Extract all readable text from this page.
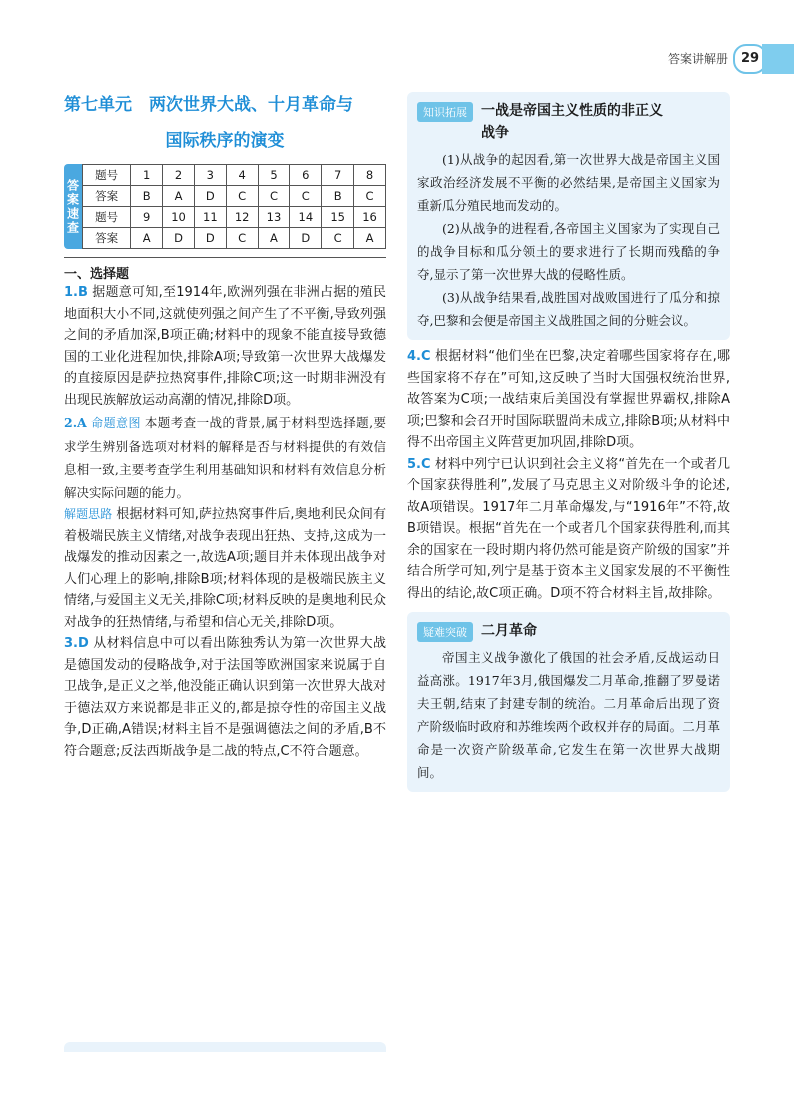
答案讲解册 29
第七单元　两次世界大战、十月革命与
国际秩序的演变
答案速查
题号	1	2	3	4	5	6	7	8
答案	B	A	D	C	C	C	B	C
题号	9	10	11	12	13	14	15	16
答案	A	D	D	C	A	D	C	A
一、选择题

1.B 据题意可知,至1914年,欧洲列强在非洲占据的殖民地面积大小不同,这就使列强之间产生了不平衡,导致列强之间的矛盾加深,B项正确;材料中的现象不能直接导致德国的工业化进程加快,排除A项;导致第一次世界大战爆发的直接原因是萨拉热窝事件,排除C项;这一时期非洲没有出现民族解放运动高潮的情况,排除D项。

2.A 命题意图 本题考查一战的背景,属于材料型选择题,要求学生辨别备选项对材料的解释是否与材料提供的有效信息相一致,主要考查学生利用基础知识和材料有效信息分析解决实际问题的能力。

解题思路 根据材料可知,萨拉热窝事件后,奥地利民众间有着极端民族主义情绪,对战争表现出狂热、支持,这成为一战爆发的推动因素之一,故选A项;题目并未体现出战争对人们心理上的影响,排除B项;材料体现的是极端民族主义情绪,与爱国主义无关,排除C项;材料反映的是奥地利民众对战争的狂热情绪,与希望和信心无关,排除D项。

3.D 从材料信息中可以看出陈独秀认为第一次世界大战是德国发动的侵略战争,对于法国等欧洲国家来说属于自卫战争,是正义之举,他没能正确认识到第一次世界大战对于德法双方来说都是非正义的,都是掠夺性的帝国主义战争,D正确,A错误;材料主旨不是强调德法之间的矛盾,B不符合题意;反法西斯战争是二战的特点,C不符合题意。

知识拓展	一战是帝国主义性质的非正义
战争

(1)从战争的起因看,第一次世界大战是帝国主义国家政治经济发展不平衡的必然结果,是帝国主义国家为重新瓜分殖民地而发动的。

(2)从战争的进程看,各帝国主义国家为了实现自己的战争目标和瓜分领土的要求进行了长期而残酷的争夺,显示了第一次世界大战的侵略性质。

(3)从战争结果看,战胜国对战败国进行了瓜分和掠夺,巴黎和会便是帝国主义战胜国之间的分赃会议。

4.C 根据材料“他们坐在巴黎,决定着哪些国家将存在,哪些国家将不存在”可知,这反映了当时大国强权统治世界,故答案为C项;一战结束后美国没有掌握世界霸权,排除A项;巴黎和会召开时国际联盟尚未成立,排除B项;从材料中得不出帝国主义阵营更加巩固,排除D项。

5.C 材料中列宁已认识到社会主义将“首先在一个或者几个国家获得胜利”,发展了马克思主义对阶级斗争的论述,故A项错误。1917年二月革命爆发,与“1916年”不符,故B项错误。根据“首先在一个或者几个国家获得胜利,而其余的国家在一段时期内将仍然可能是资产阶级的国家”并结合所学可知,列宁是基于资本主义国家发展的不平衡性得出的结论,故C项正确。D项不符合材料主旨,故排除。

疑难突破	二月革命

帝国主义战争激化了俄国的社会矛盾,反战运动日益高涨。1917年3月,俄国爆发二月革命,推翻了罗曼诺夫王朝,结束了封建专制的统治。二月革命后出现了资产阶级临时政府和苏维埃两个政权并存的局面。二月革命是一次资产阶级革命,它发生在第一次世界大战期间。
